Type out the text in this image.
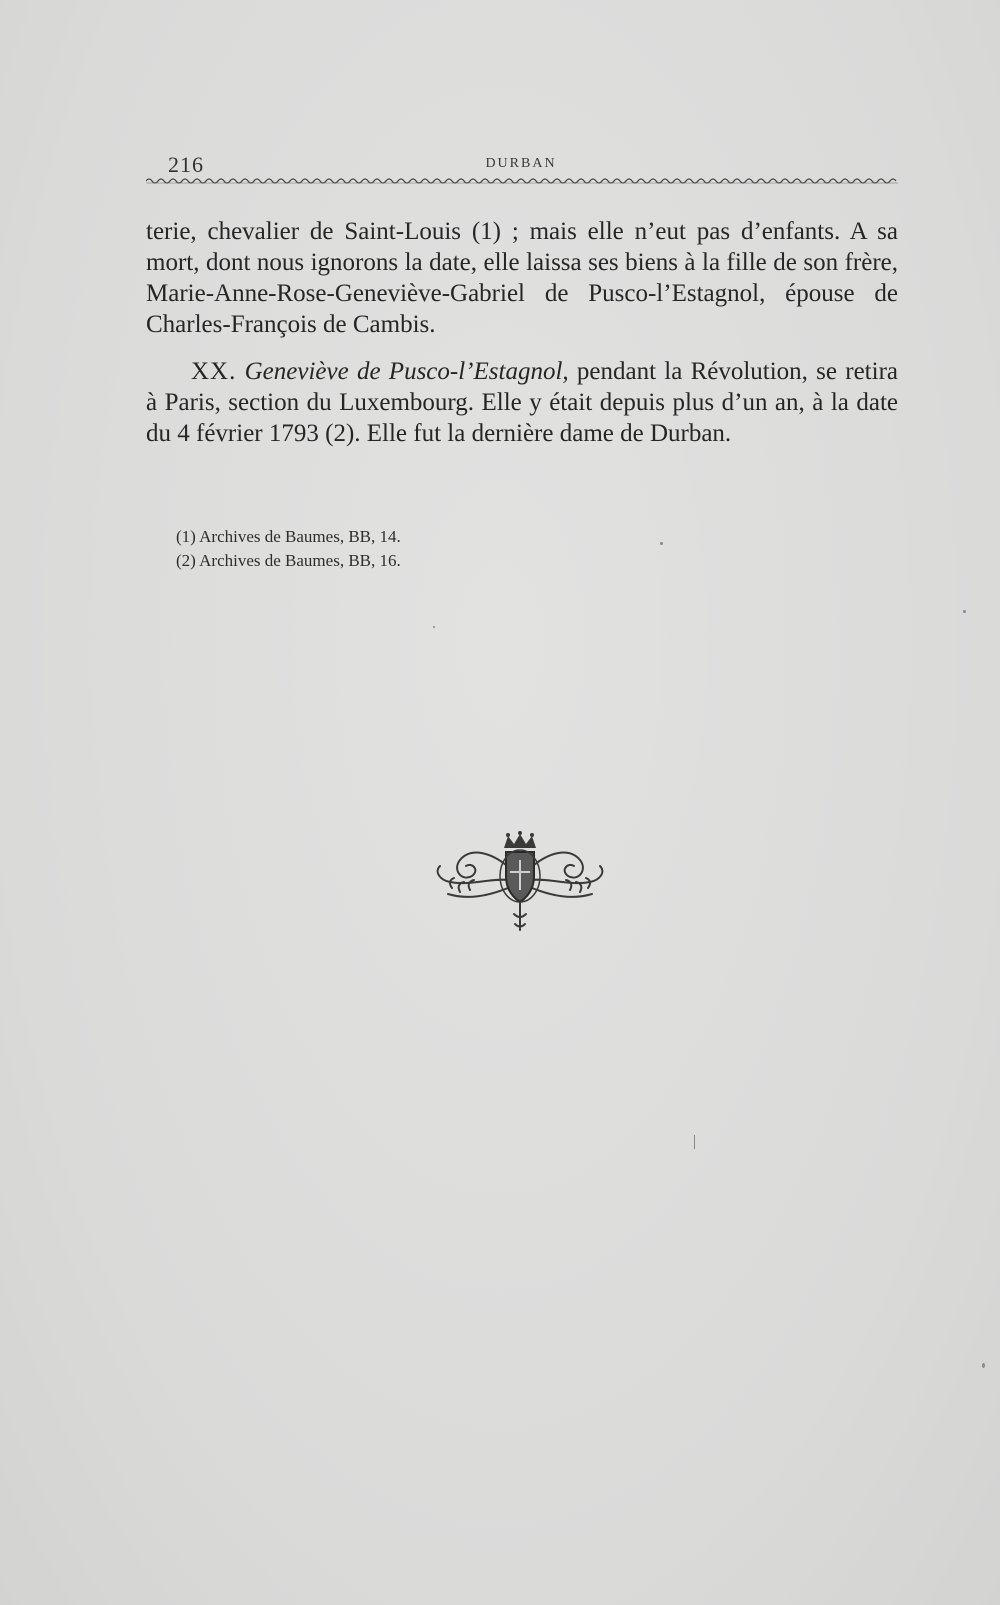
216	DURBAN

terie, chevalier de Saint-Louis (1) ; mais elle n’eut pas d’enfants. A sa mort, dont nous ignorons la date, elle laissa ses biens à la fille de son frère, Marie-Anne-Rose-Geneviève-Gabriel de Pusco-l’Estagnol, épouse de Charles-François de Cambis.

XX. Geneviève de Pusco-l’Estagnol, pendant la Révolution, se retira à Paris, section du Luxembourg. Elle y était depuis plus d’un an, à la date du 4 février 1793 (2). Elle fut la dernière dame de Durban.

(1) Archives de Baumes, BB, 14.
(2) Archives de Baumes, BB, 16.
